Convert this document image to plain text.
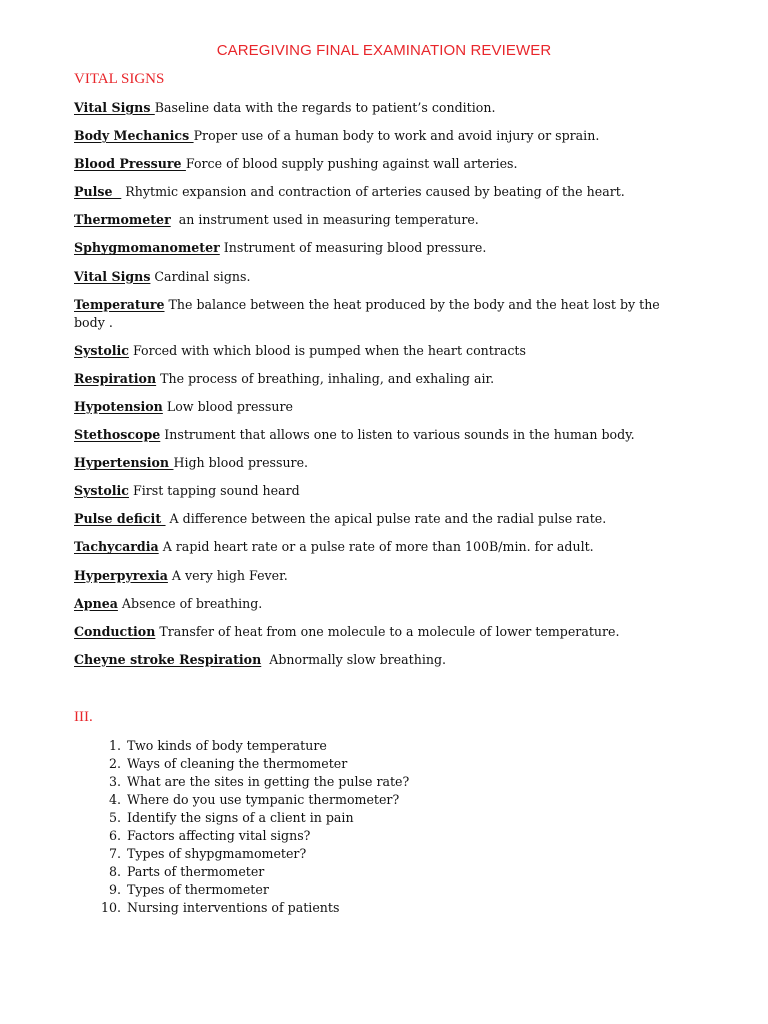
CAREGIVING FINAL EXAMINATION REVIEWER
VITAL SIGNS
Vital Signs Baseline data with the regards to patient’s condition.
Body Mechanics Proper use of a human body to work and avoid injury or sprain.
Blood Pressure Force of blood supply pushing against wall arteries.
Pulse   Rhytmic expansion and contraction of arteries caused by beating of the heart.
Thermometer  an instrument used in measuring temperature.
Sphygmomanometer Instrument of measuring blood pressure.
Vital Signs Cardinal signs.
Temperature The balance between the heat produced by the body and the heat lost by the body .
Systolic Forced with which blood is pumped when the heart contracts
Respiration The process of breathing, inhaling, and exhaling air.
Hypotension Low blood pressure
Stethoscope Instrument that allows one to listen to various sounds in the human body.
Hypertension High blood pressure.
Systolic First tapping sound heard
Pulse deficit  A difference between the apical pulse rate and the radial pulse rate.
Tachycardia A rapid heart rate or a pulse rate of more than 100B/min. for adult.
Hyperpyrexia A very high Fever.
Apnea Absence of breathing.
Conduction Transfer of heat from one molecule to a molecule of lower temperature.
Cheyne stroke Respiration  Abnormally slow breathing.
III.
1. Two kinds of body temperature
2. Ways of cleaning the thermometer
3. What are the sites in getting the pulse rate?
4. Where do you use tympanic thermometer?
5. Identify the signs of a client in pain
6. Factors affecting vital signs?
7. Types of shypgmamometer?
8. Parts of thermometer
9. Types of thermometer
10. Nursing interventions of patients
